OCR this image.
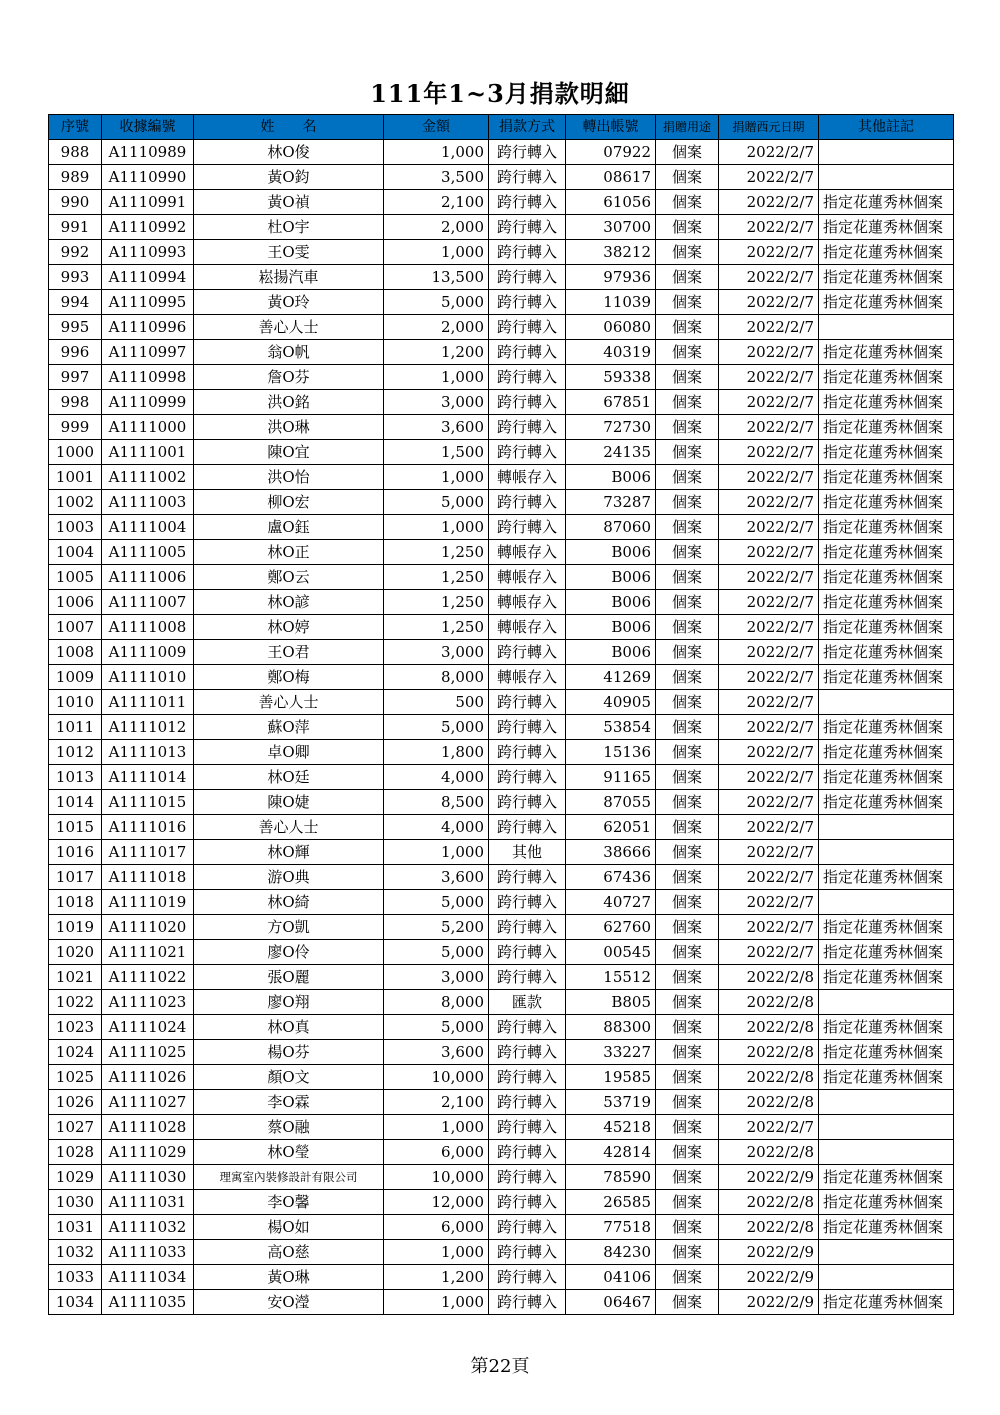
111年1~3月捐款明細
序號	收據編號	姓　　名	金額	捐款方式	轉出帳號	捐贈用途	捐贈西元日期	其他註記
988	A1110989	林O俊	1,000	跨行轉入	07922	個案	2022/2/7	
989	A1110990	黃O鈞	3,500	跨行轉入	08617	個案	2022/2/7	
990	A1110991	黃O禎	2,100	跨行轉入	61056	個案	2022/2/7	指定花蓮秀林個案
991	A1110992	杜O宇	2,000	跨行轉入	30700	個案	2022/2/7	指定花蓮秀林個案
992	A1110993	王O雯	1,000	跨行轉入	38212	個案	2022/2/7	指定花蓮秀林個案
993	A1110994	崧揚汽車	13,500	跨行轉入	97936	個案	2022/2/7	指定花蓮秀林個案
994	A1110995	黃O玲	5,000	跨行轉入	11039	個案	2022/2/7	指定花蓮秀林個案
995	A1110996	善心人士	2,000	跨行轉入	06080	個案	2022/2/7	
996	A1110997	翁O帆	1,200	跨行轉入	40319	個案	2022/2/7	指定花蓮秀林個案
997	A1110998	詹O芬	1,000	跨行轉入	59338	個案	2022/2/7	指定花蓮秀林個案
998	A1110999	洪O銘	3,000	跨行轉入	67851	個案	2022/2/7	指定花蓮秀林個案
999	A1111000	洪O琳	3,600	跨行轉入	72730	個案	2022/2/7	指定花蓮秀林個案
1000	A1111001	陳O宜	1,500	跨行轉入	24135	個案	2022/2/7	指定花蓮秀林個案
1001	A1111002	洪O怡	1,000	轉帳存入	B006	個案	2022/2/7	指定花蓮秀林個案
1002	A1111003	柳O宏	5,000	跨行轉入	73287	個案	2022/2/7	指定花蓮秀林個案
1003	A1111004	盧O鈺	1,000	跨行轉入	87060	個案	2022/2/7	指定花蓮秀林個案
1004	A1111005	林O正	1,250	轉帳存入	B006	個案	2022/2/7	指定花蓮秀林個案
1005	A1111006	鄭O云	1,250	轉帳存入	B006	個案	2022/2/7	指定花蓮秀林個案
1006	A1111007	林O諺	1,250	轉帳存入	B006	個案	2022/2/7	指定花蓮秀林個案
1007	A1111008	林O婷	1,250	轉帳存入	B006	個案	2022/2/7	指定花蓮秀林個案
1008	A1111009	王O君	3,000	跨行轉入	B006	個案	2022/2/7	指定花蓮秀林個案
1009	A1111010	鄭O梅	8,000	轉帳存入	41269	個案	2022/2/7	指定花蓮秀林個案
1010	A1111011	善心人士	500	跨行轉入	40905	個案	2022/2/7	
1011	A1111012	蘇O萍	5,000	跨行轉入	53854	個案	2022/2/7	指定花蓮秀林個案
1012	A1111013	卓O卿	1,800	跨行轉入	15136	個案	2022/2/7	指定花蓮秀林個案
1013	A1111014	林O廷	4,000	跨行轉入	91165	個案	2022/2/7	指定花蓮秀林個案
1014	A1111015	陳O婕	8,500	跨行轉入	87055	個案	2022/2/7	指定花蓮秀林個案
1015	A1111016	善心人士	4,000	跨行轉入	62051	個案	2022/2/7	
1016	A1111017	林O輝	1,000	其他	38666	個案	2022/2/7	
1017	A1111018	游O典	3,600	跨行轉入	67436	個案	2022/2/7	指定花蓮秀林個案
1018	A1111019	林O綺	5,000	跨行轉入	40727	個案	2022/2/7	
1019	A1111020	方O凱	5,200	跨行轉入	62760	個案	2022/2/7	指定花蓮秀林個案
1020	A1111021	廖O伶	5,000	跨行轉入	00545	個案	2022/2/7	指定花蓮秀林個案
1021	A1111022	張O麗	3,000	跨行轉入	15512	個案	2022/2/8	指定花蓮秀林個案
1022	A1111023	廖O翔	8,000	匯款	B805	個案	2022/2/8	
1023	A1111024	林O真	5,000	跨行轉入	88300	個案	2022/2/8	指定花蓮秀林個案
1024	A1111025	楊O芬	3,600	跨行轉入	33227	個案	2022/2/8	指定花蓮秀林個案
1025	A1111026	顏O文	10,000	跨行轉入	19585	個案	2022/2/8	指定花蓮秀林個案
1026	A1111027	李O霖	2,100	跨行轉入	53719	個案	2022/2/8	
1027	A1111028	蔡O融	1,000	跨行轉入	45218	個案	2022/2/7	
1028	A1111029	林O瑩	6,000	跨行轉入	42814	個案	2022/2/8	
1029	A1111030	理寓室內裝修設計有限公司	10,000	跨行轉入	78590	個案	2022/2/9	指定花蓮秀林個案
1030	A1111031	李O馨	12,000	跨行轉入	26585	個案	2022/2/8	指定花蓮秀林個案
1031	A1111032	楊O如	6,000	跨行轉入	77518	個案	2022/2/8	指定花蓮秀林個案
1032	A1111033	高O慈	1,000	跨行轉入	84230	個案	2022/2/9	
1033	A1111034	黃O琳	1,200	跨行轉入	04106	個案	2022/2/9	
1034	A1111035	安O瀅	1,000	跨行轉入	06467	個案	2022/2/9	指定花蓮秀林個案
第22頁
